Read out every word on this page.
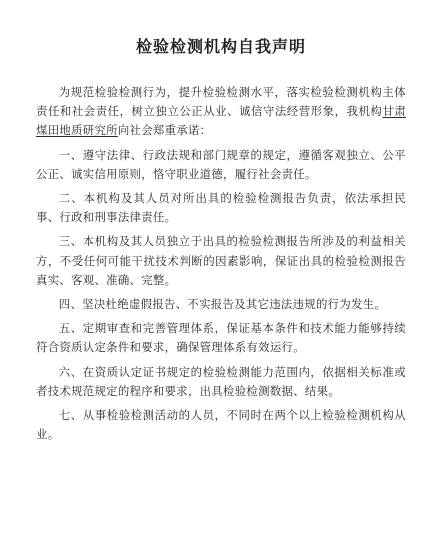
检验检测机构自我声明

为规范检验检测行为，提升检验检测水平，落实检验检测机构主体责任和社会责任，树立独立公正从业、诚信守法经营形象，我机构甘肃煤田地质研究所向社会郑重承诺：

一、遵守法律、行政法规和部门规章的规定，遵循客观独立、公平公正、诚实信用原则，恪守职业道德，履行社会责任。

二、本机构及其人员对所出具的检验检测报告负责，依法承担民事、行政和刑事法律责任。

三、本机构及其人员独立于出具的检验检测报告所涉及的利益相关方，不受任何可能干扰技术判断的因素影响，保证出具的检验检测报告真实、客观、准确、完整。

四、坚决杜绝虚假报告、不实报告及其它违法违规的行为发生。

五、定期审查和完善管理体系，保证基本条件和技术能力能够持续符合资质认定条件和要求，确保管理体系有效运行。

六、在资质认定证书规定的检验检测能力范围内，依据相关标准或者技术规范规定的程序和要求，出具检验检测数据、结果。

七、从事检验检测活动的人员，不同时在两个以上检验检测机构从业。
